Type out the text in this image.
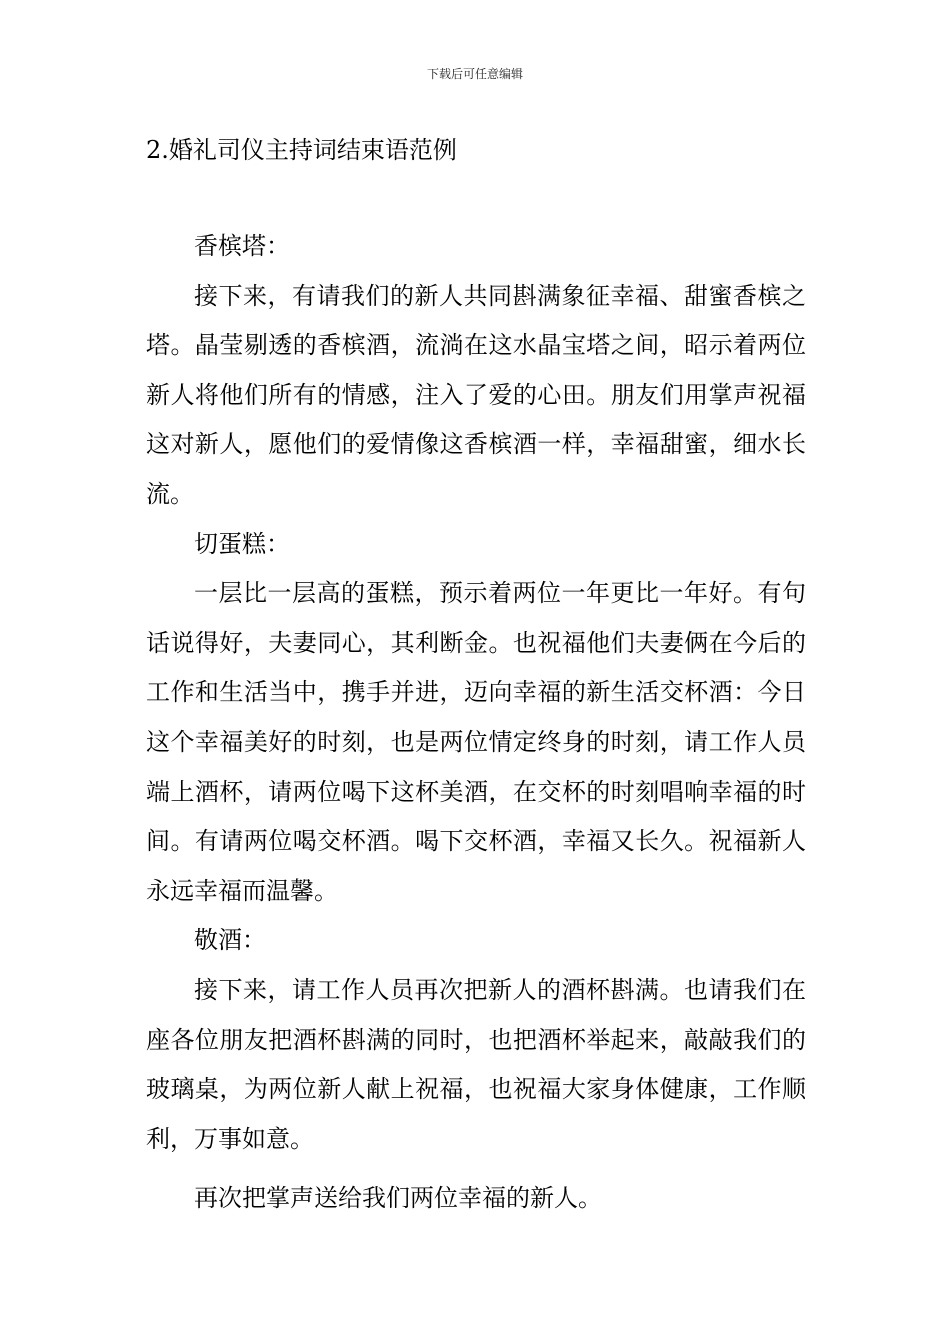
下载后可任意编辑
2.婚礼司仪主持词结束语范例

香槟塔：

接下来，有请我们的新人共同斟满象征幸福、甜蜜香槟之塔。晶莹剔透的香槟酒，流淌在这水晶宝塔之间，昭示着两位新人将他们所有的情感，注入了爱的心田。朋友们用掌声祝福这对新人，愿他们的爱情像这香槟酒一样，幸福甜蜜，细水长流。

切蛋糕：

一层比一层高的蛋糕，预示着两位一年更比一年好。有句话说得好，夫妻同心，其利断金。也祝福他们夫妻俩在今后的工作和生活当中，携手并进，迈向幸福的新生活交杯酒：今日这个幸福美好的时刻，也是两位情定终身的时刻，请工作人员端上酒杯，请两位喝下这杯美酒，在交杯的时刻唱响幸福的时间。有请两位喝交杯酒。喝下交杯酒，幸福又长久。祝福新人永远幸福而温馨。

敬酒：

接下来，请工作人员再次把新人的酒杯斟满。也请我们在座各位朋友把酒杯斟满的同时，也把酒杯举起来，敲敲我们的玻璃桌，为两位新人献上祝福，也祝福大家身体健康，工作顺利，万事如意。

再次把掌声送给我们两位幸福的新人。
